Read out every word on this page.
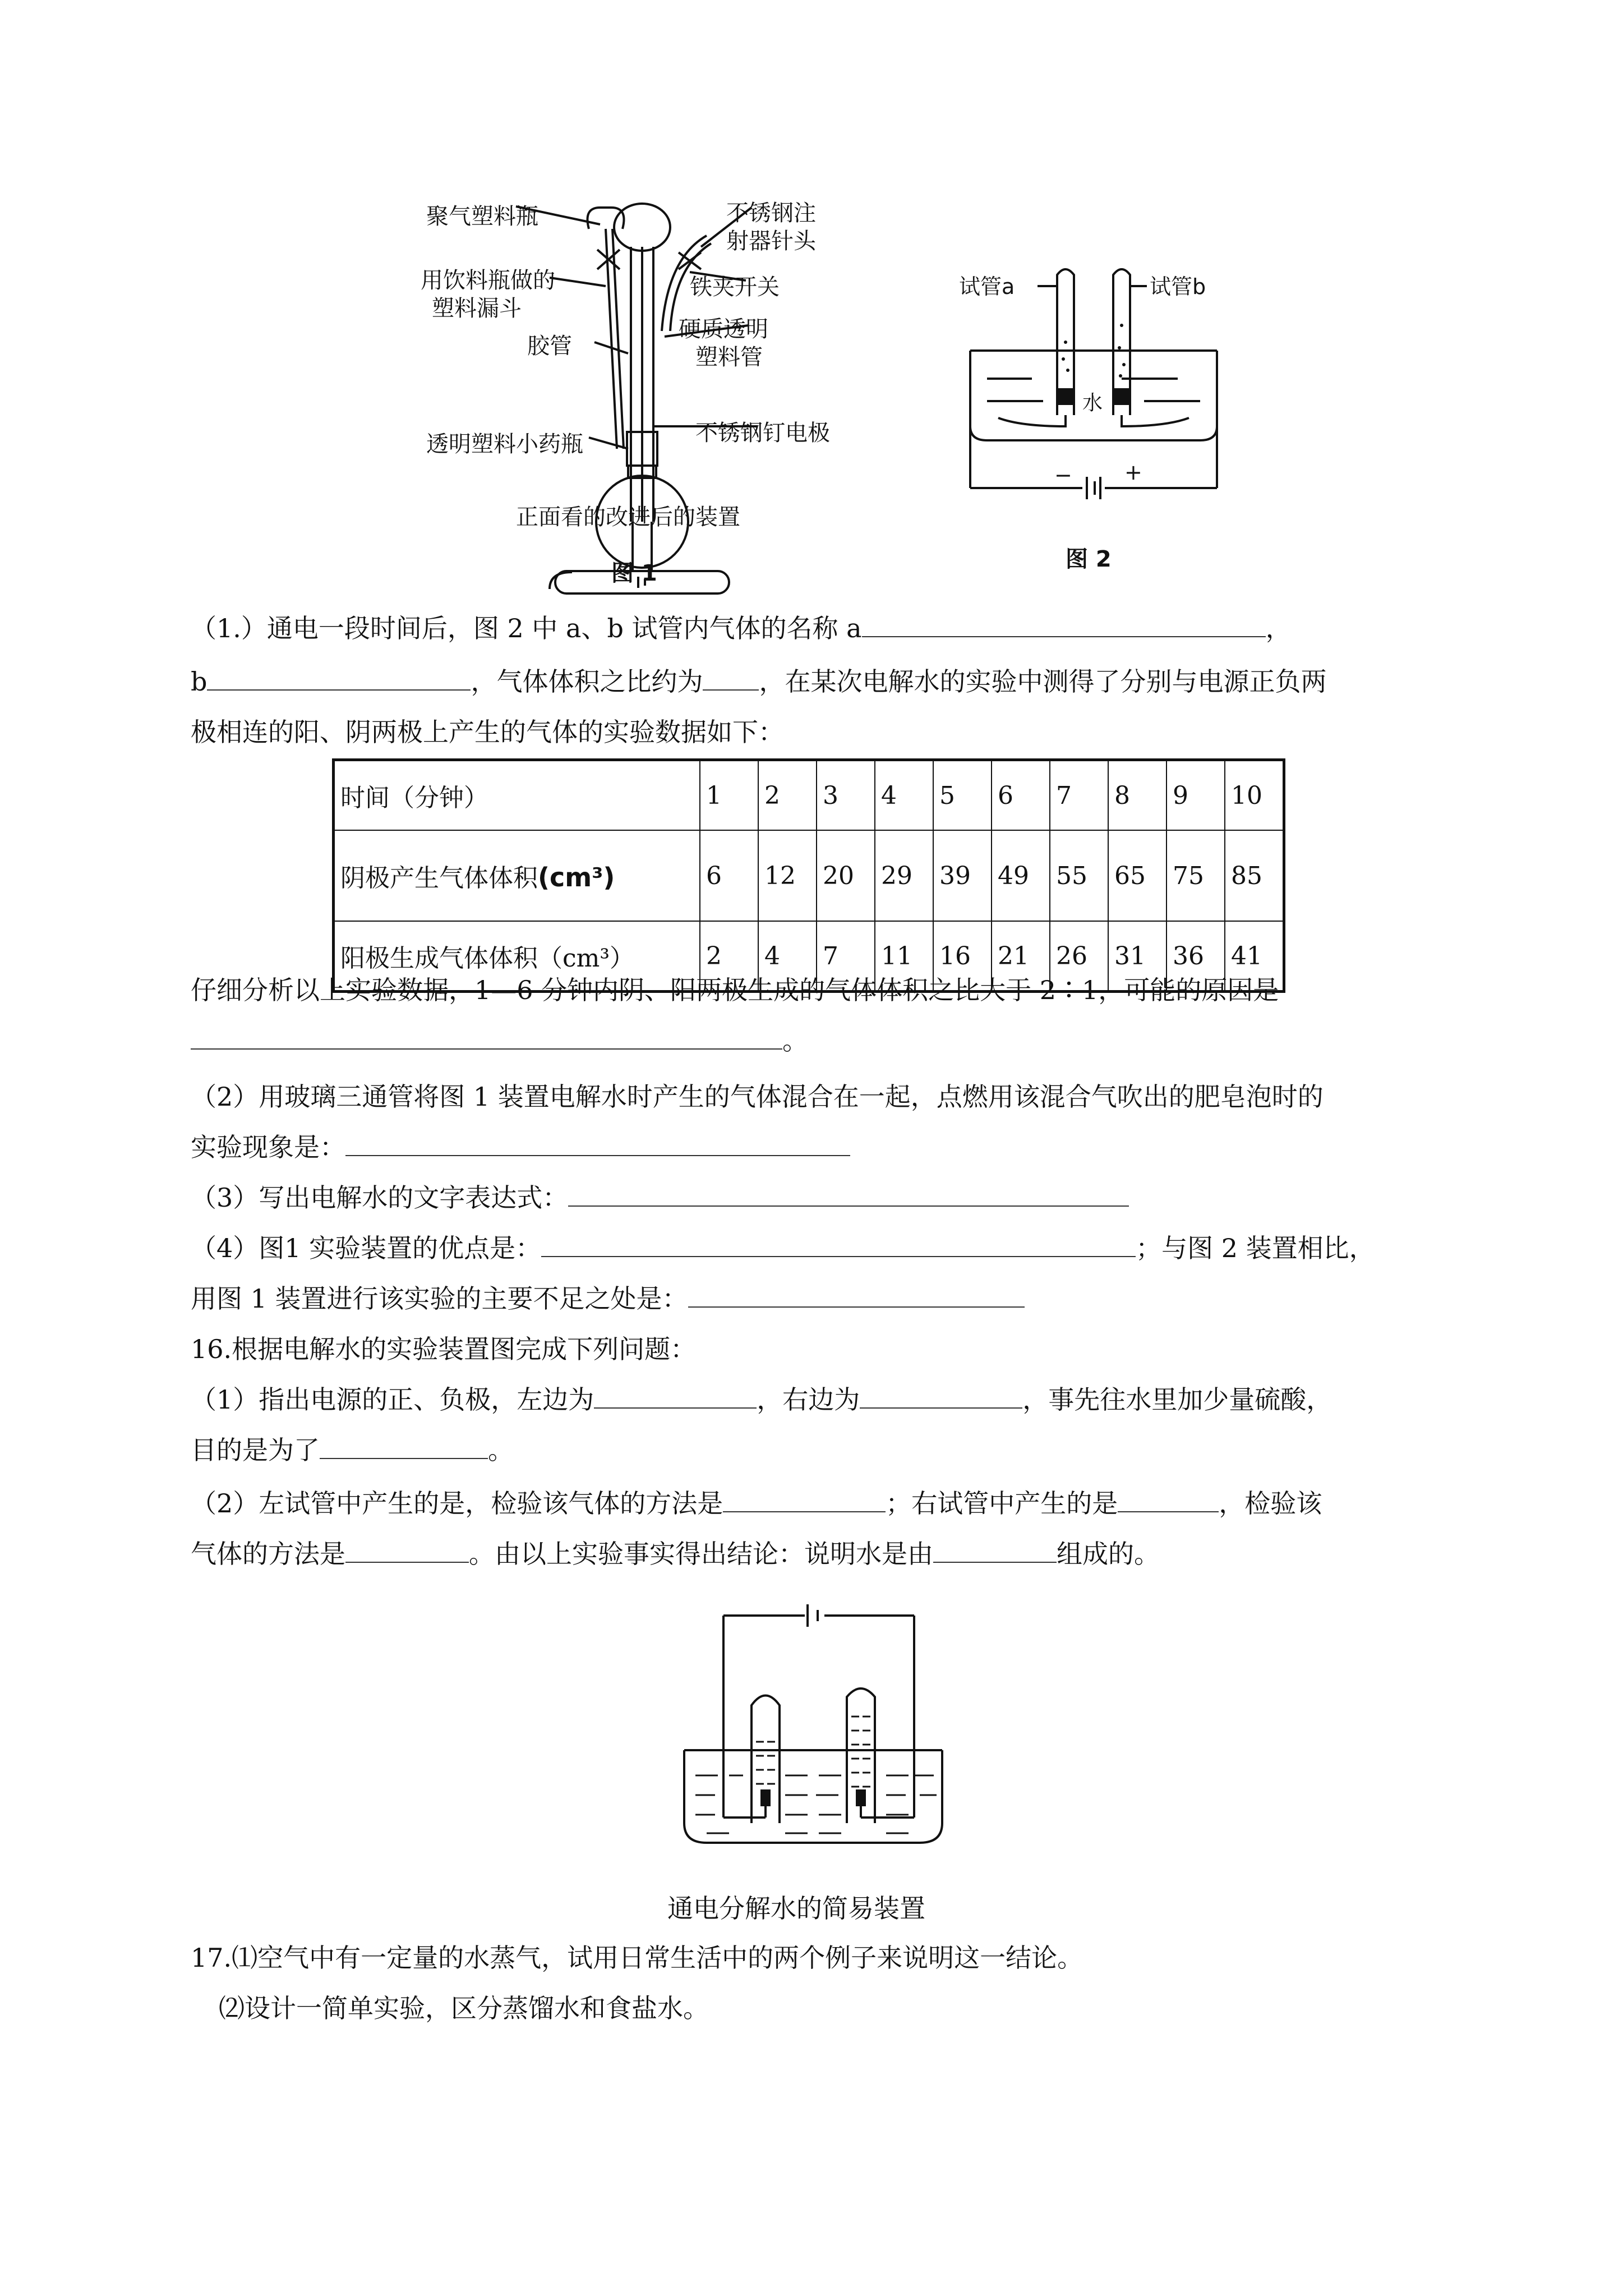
聚气塑料瓶	不锈钢注
射器针头
用饮料瓶做的
塑料漏斗
铁夹开关
胶管
硬质透明
塑料管
透明塑料小药瓶	不锈钢钉电极
正面看的改进后的装置
图 1
试管a	试管b
水
− +
图 2
（1.）通电一段时间后，图 2 中 a、b 试管内气体的名称 a	，
b	，气体体积之比约为 ，在某次电解水的实验中测得了分别与电源正负两
极相连的阳、阴两极上产生的气体的实验数据如下：
时间（分钟）	1	2	3	4	5	6	7	8	9	10
阴极产生气体体积(cm³)	6	12	20	29	39	49	55	65	75	85
阳极生成气体体积（cm³）	2	4	7	11	16	21	26	31	36	41
仔细分析以上实验数据，1—6 分钟内阴、阳两极生成的气体体积之比大于 2∶1，可能的原因是
。
（2）用玻璃三通管将图 1 装置电解水时产生的气体混合在一起，点燃用该混合气吹出的肥皂泡时的
实验现象是：
（3）写出电解水的文字表达式：
（4）图1 实验装置的优点是：	；与图 2 装置相比，
用图 1 装置进行该实验的主要不足之处是：
16.根据电解水的实验装置图完成下列问题：
（1）指出电源的正、负极，左边为	，右边为	，事先往水里加少量硫酸，
目的是为了	。
（2）左试管中产生的是，检验该气体的方法是	；右试管中产生的是	，检验该
气体的方法是	。由以上实验事实得出结论：说明水是由	组成的。
通电分解水的简易装置
17.⑴空气中有一定量的水蒸气，试用日常生活中的两个例子来说明这一结论。
⑵设计一简单实验，区分蒸馏水和食盐水。
